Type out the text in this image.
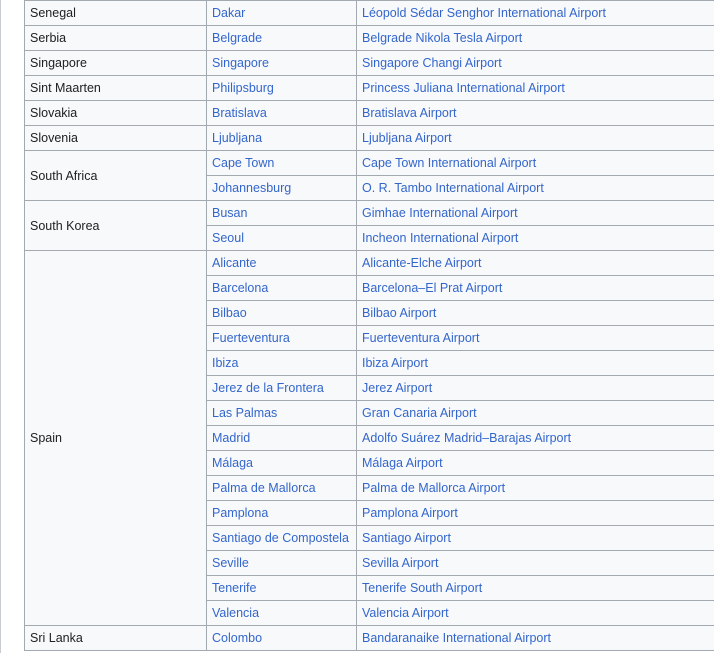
Senegal	Dakar	Léopold Sédar Senghor International Airport
Serbia	Belgrade	Belgrade Nikola Tesla Airport
Singapore	Singapore	Singapore Changi Airport
Sint Maarten	Philipsburg	Princess Juliana International Airport
Slovakia	Bratislava	Bratislava Airport
Slovenia	Ljubljana	Ljubljana Airport
South Africa	Cape Town	Cape Town International Airport
	Johannesburg	O. R. Tambo International Airport
South Korea	Busan	Gimhae International Airport
	Seoul	Incheon International Airport
Spain	Alicante	Alicante-Elche Airport
	Barcelona	Barcelona–El Prat Airport
	Bilbao	Bilbao Airport
	Fuerteventura	Fuerteventura Airport
	Ibiza	Ibiza Airport
	Jerez de la Frontera	Jerez Airport
	Las Palmas	Gran Canaria Airport
	Madrid	Adolfo Suárez Madrid–Barajas Airport
	Málaga	Málaga Airport
	Palma de Mallorca	Palma de Mallorca Airport
	Pamplona	Pamplona Airport
	Santiago de Compostela	Santiago Airport
	Seville	Sevilla Airport
	Tenerife	Tenerife South Airport
	Valencia	Valencia Airport
Sri Lanka	Colombo	Bandaranaike International Airport
